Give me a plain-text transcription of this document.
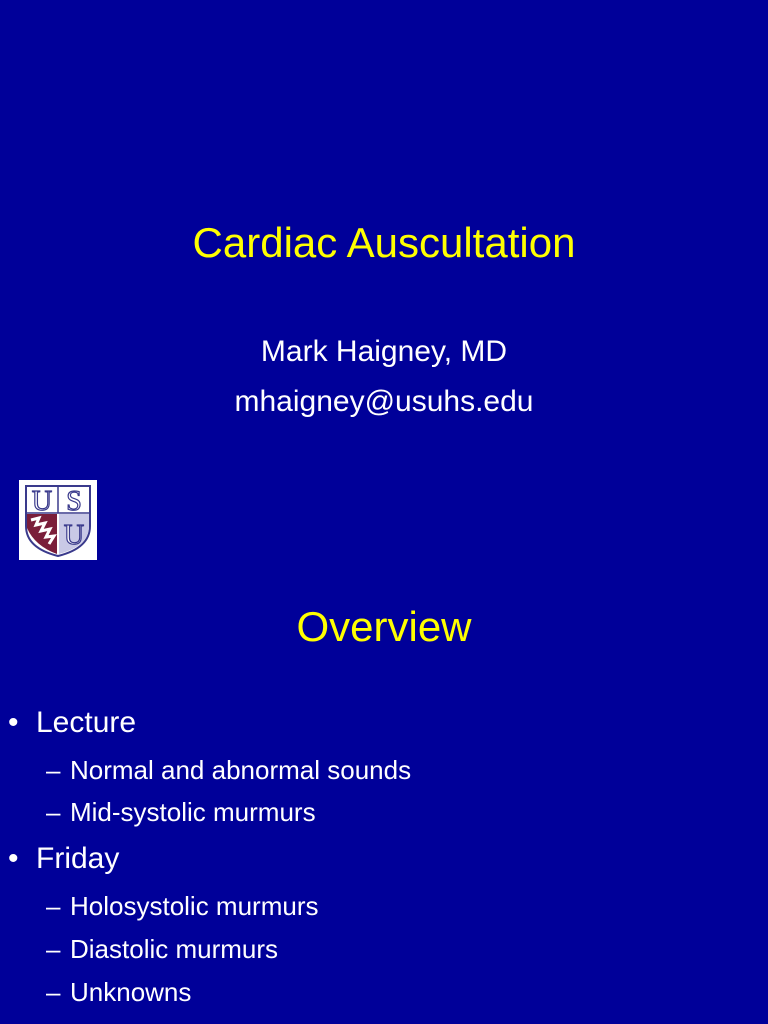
Cardiac Auscultation
Mark Haigney, MD
mhaigney@usuhs.edu
U S
U
Overview
• Lecture
– Normal and abnormal sounds
– Mid-systolic murmurs
• Friday
– Holosystolic murmurs
– Diastolic murmurs
– Unknowns
